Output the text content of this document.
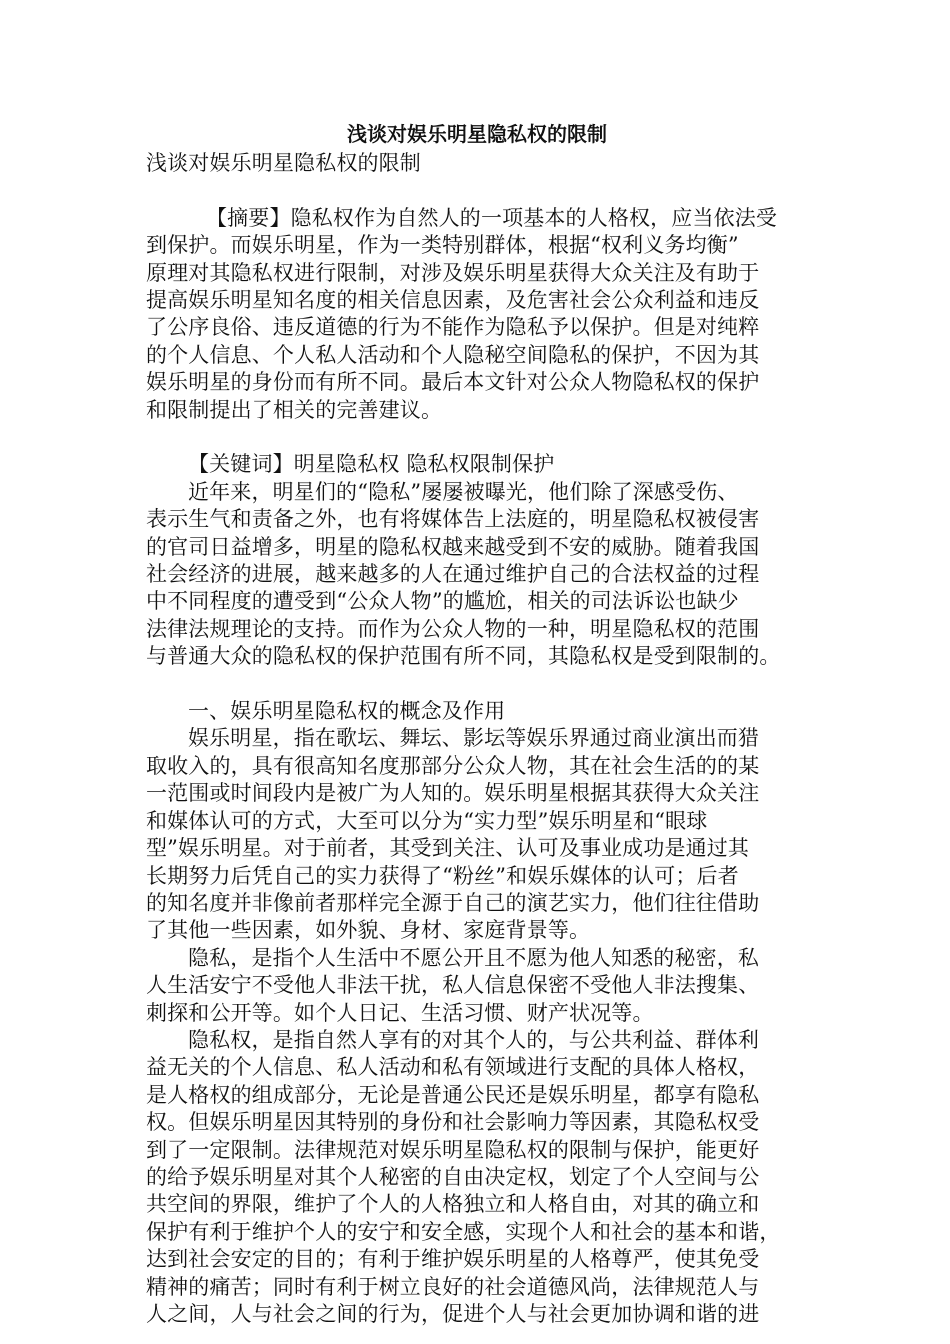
浅谈对娱乐明星隐私权的限制

浅谈对娱乐明星隐私权的限制

【摘要】隐私权作为自然人的一项基本的人格权，应当依法受

到保护。而娱乐明星，作为一类特别群体，根据“权利义务均衡”

原理对其隐私权进行限制，对涉及娱乐明星获得大众关注及有助于

提高娱乐明星知名度的相关信息因素，及危害社会公众利益和违反

了公序良俗、违反道德的行为不能作为隐私予以保护。但是对纯粹

的个人信息、个人私人活动和个人隐秘空间隐私的保护，不因为其

娱乐明星的身份而有所不同。最后本文针对公众人物隐私权的保护

和限制提出了相关的完善建议。

【关键词】明星隐私权 隐私权限制保护

近年来，明星们的“隐私”屡屡被曝光，他们除了深感受伤、

表示生气和责备之外，也有将媒体告上法庭的，明星隐私权被侵害

的官司日益增多，明星的隐私权越来越受到不安的威胁。随着我国

社会经济的进展，越来越多的人在通过维护自己的合法权益的过程

中不同程度的遭受到“公众人物”的尴尬，相关的司法诉讼也缺少

法律法规理论的支持。而作为公众人物的一种，明星隐私权的范围

与普通大众的隐私权的保护范围有所不同，其隐私权是受到限制的。

一、娱乐明星隐私权的概念及作用

娱乐明星，指在歌坛、舞坛、影坛等娱乐界通过商业演出而猎

取收入的，具有很高知名度那部分公众人物，其在社会生活的的某

一范围或时间段内是被广为人知的。娱乐明星根据其获得大众关注

和媒体认可的方式，大至可以分为“实力型”娱乐明星和“眼球

型”娱乐明星。对于前者，其受到关注、认可及事业成功是通过其

长期努力后凭自己的实力获得了“粉丝”和娱乐媒体的认可；后者

的知名度并非像前者那样完全源于自己的演艺实力，他们往往借助

了其他一些因素，如外貌、身材、家庭背景等。

隐私，是指个人生活中不愿公开且不愿为他人知悉的秘密，私

人生活安宁不受他人非法干扰，私人信息保密不受他人非法搜集、

刺探和公开等。如个人日记、生活习惯、财产状况等。

隐私权，是指自然人享有的对其个人的，与公共利益、群体利

益无关的个人信息、私人活动和私有领域进行支配的具体人格权，

是人格权的组成部分，无论是普通公民还是娱乐明星，都享有隐私

权。但娱乐明星因其特别的身份和社会影响力等因素，其隐私权受

到了一定限制。法律规范对娱乐明星隐私权的限制与保护，能更好

的给予娱乐明星对其个人秘密的自由决定权，划定了个人空间与公

共空间的界限，维护了个人的人格独立和人格自由，对其的确立和

保护有利于维护个人的安宁和安全感，实现个人和社会的基本和谐，

达到社会安定的目的；有利于维护娱乐明星的人格尊严，使其免受

精神的痛苦；同时有利于树立良好的社会道德风尚，法律规范人与

人之间，人与社会之间的行为，促进个人与社会更加协调和谐的进
